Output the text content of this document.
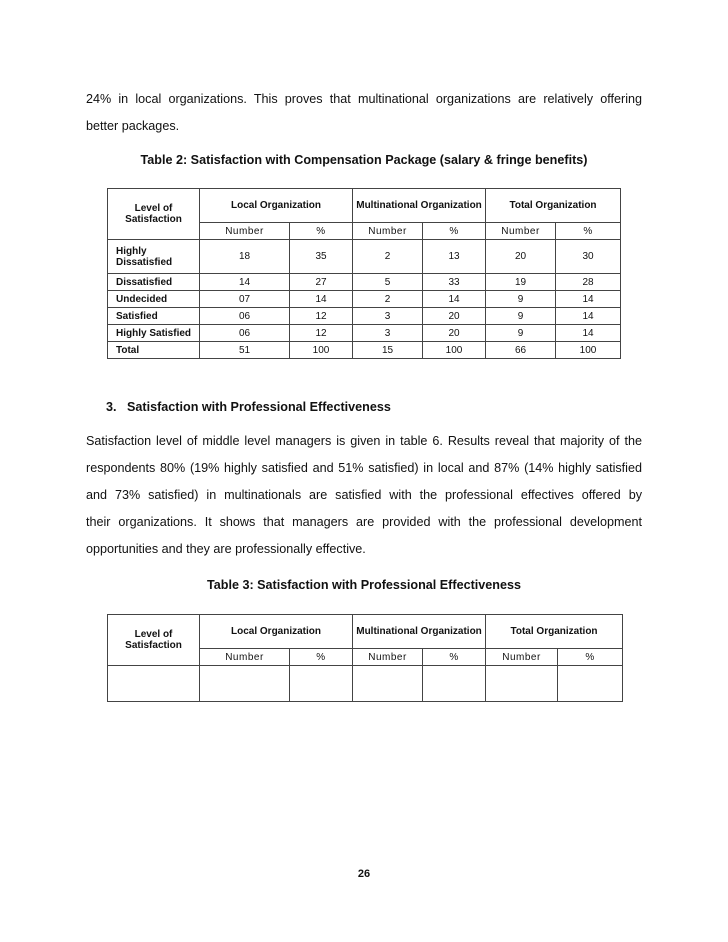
24% in local organizations. This proves that multinational organizations are relatively offering
better packages.

Table 2: Satisfaction with Compensation Package (salary & fringe benefits)

Level of Satisfaction	Local Organization		Multinational Organization		Total Organization	
	Number	%	Number	%	Number	%
Highly Dissatisfied	18	35	2	13	20	30
Dissatisfied	14	27	5	33	19	28
Undecided	07	14	2	14	9	14
Satisfied	06	12	3	20	9	14
Highly Satisfied	06	12	3	20	9	14
Total	51	100	15	100	66	100

3.   Satisfaction with Professional Effectiveness

Satisfaction level of middle level managers is given in table 6. Results reveal that majority of the
respondents 80% (19% highly satisfied and 51% satisfied) in local and 87% (14% highly satisfied
and 73% satisfied) in multinationals are satisfied with the professional effectives offered by
their organizations. It shows that managers are provided with the professional development
opportunities and they are professionally effective.

Table 3: Satisfaction with Professional Effectiveness

Level of Satisfaction	Local Organization		Multinational Organization		Total Organization	
	Number	%	Number	%	Number	%

26
